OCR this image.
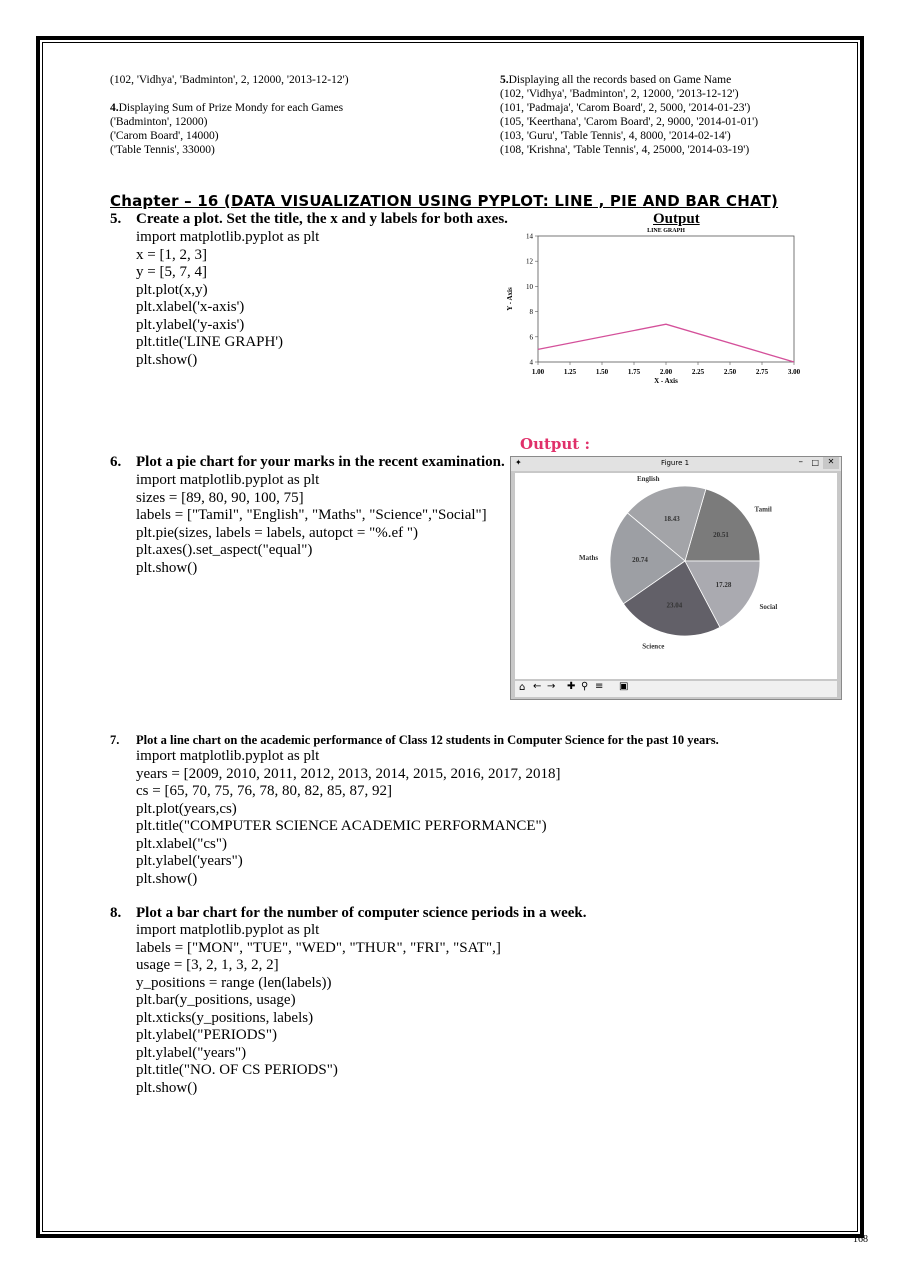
(102, 'Vidhya', 'Badminton', 2, 12000, '2013-12-12')
4.Displaying Sum of Prize Mondy for each Games
('Badminton', 12000)
('Carom Board', 14000)
('Table Tennis', 33000)
5.Displaying all the records based on Game Name
(102, 'Vidhya', 'Badminton', 2, 12000, '2013-12-12')
(101, 'Padmaja', 'Carom Board', 2, 5000, '2014-01-23')
(105, 'Keerthana', 'Carom Board', 2, 9000, '2014-01-01')
(103, 'Guru', 'Table Tennis', 4, 8000, '2014-02-14')
(108, 'Krishna', 'Table Tennis', 4, 25000, '2014-03-19')
Chapter – 16 (DATA VISUALIZATION USING PYPLOT: LINE , PIE AND BAR CHAT)
5. Create a plot. Set the title, the x and y labels for both axes.	Output
import matplotlib.pyplot as plt
x = [1, 2, 3]
y = [5, 7, 4]
plt.plot(x,y)
plt.xlabel('x-axis')
plt.ylabel('y-axis')
plt.title('LINE GRAPH')
plt.show()
LINE GRAPH
4
6
8
10
12
14
1.00	1.25	1.50	1.75	2.00	2.25	2.50	2.75	3.00
Y - Axis
X - Axis
Output :
6. Plot a pie chart for your marks in the recent examination.
import matplotlib.pyplot as plt
sizes = [89, 80, 90, 100, 75]
labels = ["Tamil", "English", "Maths", "Science","Social"]
plt.pie(sizes, labels = labels, autopct = "%.ef ")
plt.axes().set_aspect("equal")
plt.show()
✦	Figure 1	– □	✕
20.51
Tamil
18.43
English
20.74
Maths
23.04
Science
17.28
Social
⌂ ← → ✚ ⚲ ≡ ▣
7. Plot a line chart on the academic performance of Class 12 students in Computer Science for the past 10 years.
import matplotlib.pyplot as plt
years = [2009, 2010, 2011, 2012, 2013, 2014, 2015, 2016, 2017, 2018]
cs = [65, 70, 75, 76, 78, 80, 82, 85, 87, 92]
plt.plot(years,cs)
plt.title("COMPUTER SCIENCE ACADEMIC PERFORMANCE")
plt.xlabel("cs")
plt.ylabel('years")
plt.show()
8. Plot a bar chart for the number of computer science periods in a week.
import matplotlib.pyplot as plt
labels = ["MON", "TUE", "WED", "THUR", "FRI", "SAT",]
usage = [3, 2, 1, 3, 2, 2]
y_positions = range (len(labels))
plt.bar(y_positions, usage)
plt.xticks(y_positions, labels)
plt.ylabel("PERIODS")
plt.ylabel("years")
plt.title("NO. OF CS PERIODS")
plt.show()
168
